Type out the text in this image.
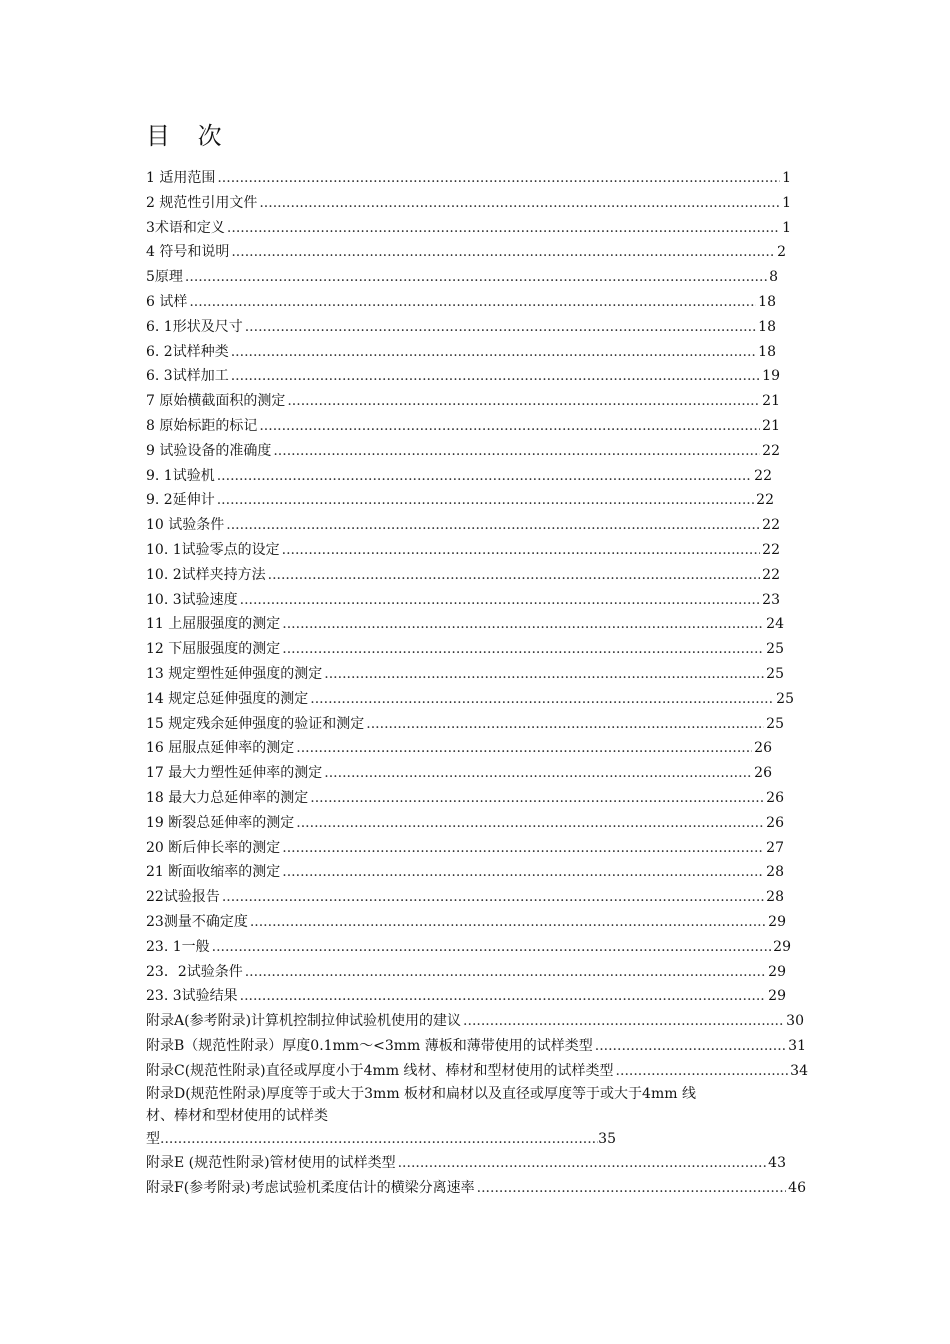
目 次
1 适用范围 .....	1
2 规范性引用文件 .....	1
3术语和定义 .....	1
4 符号和说明 .....	2
5原理 .....	8
6 试样 .....	18
6. 1形状及尺寸 .....	18
6. 2试样种类 .....	18
6. 3试样加工 .....	19
7 原始横截面积的测定 .....	21
8 原始标距的标记 .....	21
9 试验设备的准确度 .....	22
9. 1试验机 .....	22
9. 2延伸计 .....	22
10 试验条件 .....	22
10. 1试验零点的设定 .....	22
10. 2试样夹持方法 .....	22
10. 3试验速度 .....	23
11 上屈服强度的测定 .....	24
12 下屈服强度的测定 .....	25
13 规定塑性延伸强度的测定 .....	25
14 规定总延伸强度的测定 .....	25
15 规定残余延伸强度的验证和测定 .....	25
16 屈服点延伸率的测定 .....	26
17 最大力塑性延伸率的测定 .....	26
18 最大力总延伸率的测定 .....	26
19 断裂总延伸率的测定 .....	26
20 断后伸长率的测定 .....	27
21 断面收缩率的测定 .....	28
22试验报告 .....	28
23测量不确定度 .....	29
23. 1一般 .....	29
23．2试验条件 .....	29
23. 3试验结果 .....	29
附录A(参考附录)计算机控制拉伸试验机使用的建议 .....	30
附录B（规范性附录）厚度0.1mm～<3mm 薄板和薄带使用的试样类型 .....	31
附录C(规范性附录)直径或厚度小于4mm 线材、棒材和型材使用的试样类型 .....	34
附录D(规范性附录)厚度等于或大于3mm 板材和扁材以及直径或厚度等于或大于4mm 线
材、棒材和型材使用的试样类
型 .....	35
附录E (规范性附录)管材使用的试样类型 .....	43
附录F(参考附录)考虑试验机柔度估计的横梁分离速率 .....	46
